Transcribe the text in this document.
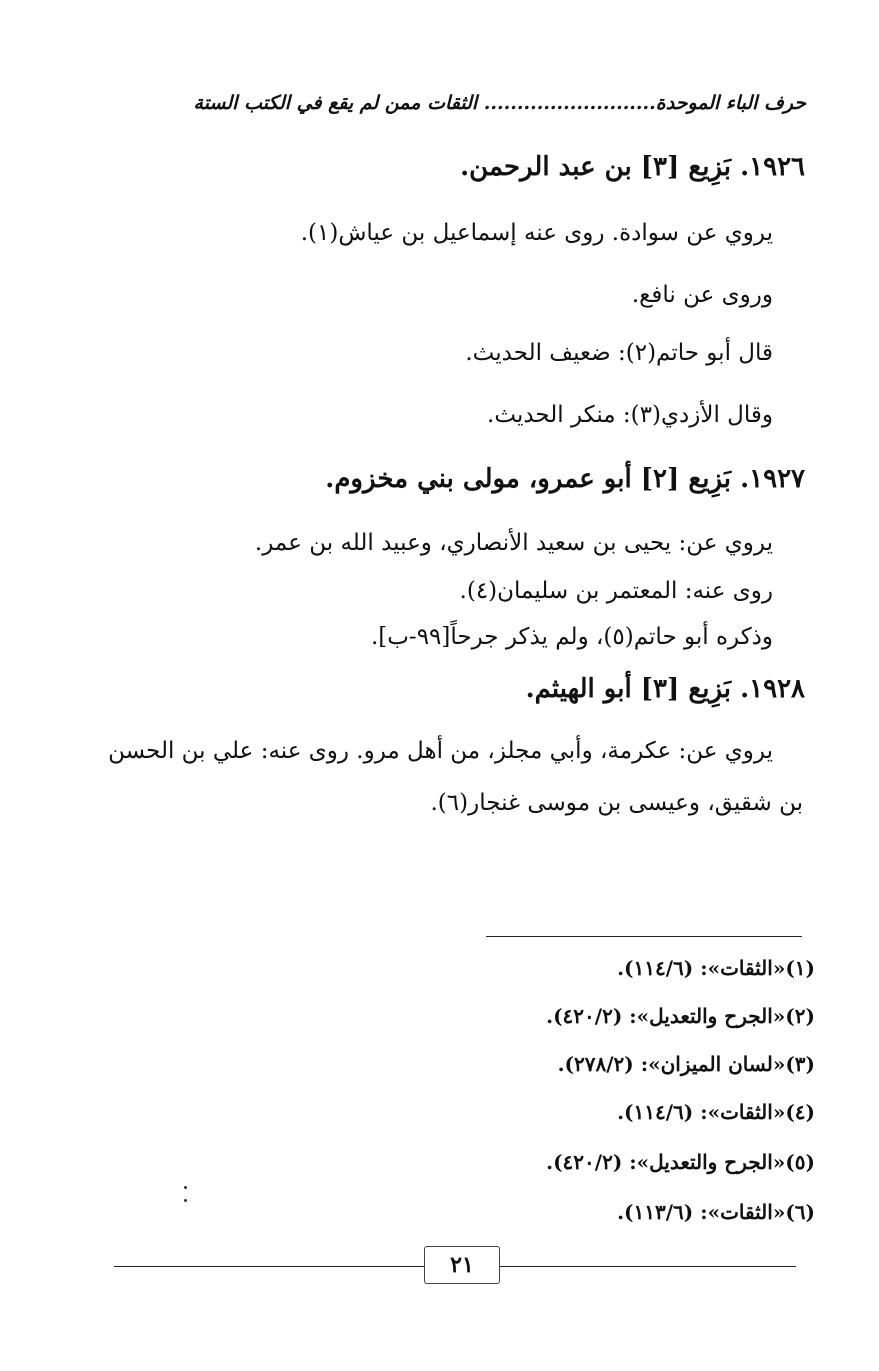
حرف الباء الموحدة.......................... الثقات ممن لم يقع في الكتب الستة
١٩٢٦. بَزِيع [٣] بن عبد الرحمن.
يروي عن سوادة. روى عنه إسماعيل بن عياش(١).
وروى عن نافع.
قال أبو حاتم(٢): ضعيف الحديث.
وقال الأزدي(٣): منكر الحديث.
١٩٢٧. بَزِيع [٢] أبو عمرو، مولى بني مخزوم.
يروي عن: يحيى بن سعيد الأنصاري، وعبيد الله بن عمر.
روى عنه: المعتمر بن سليمان(٤).
وذكره أبو حاتم(٥)، ولم يذكر جرحاً[٩٩-ب].
١٩٢٨. بَزِيع [٣] أبو الهيثم.
يروي عن: عكرمة، وأبي مجلز، من أهل مرو. روى عنه: علي بن الحسن
بن شقيق، وعيسى بن موسى غنجار(٦).
(١)«الثقات»: (١١٤/٦).
(٢)«الجرح والتعديل»: (٤٢٠/٢).
(٣)«لسان الميزان»: (٢٧٨/٢).
(٤)«الثقات»: (١١٤/٦).
(٥)«الجرح والتعديل»: (٤٢٠/٢).
(٦)«الثقات»: (١١٣/٦).
٢١
